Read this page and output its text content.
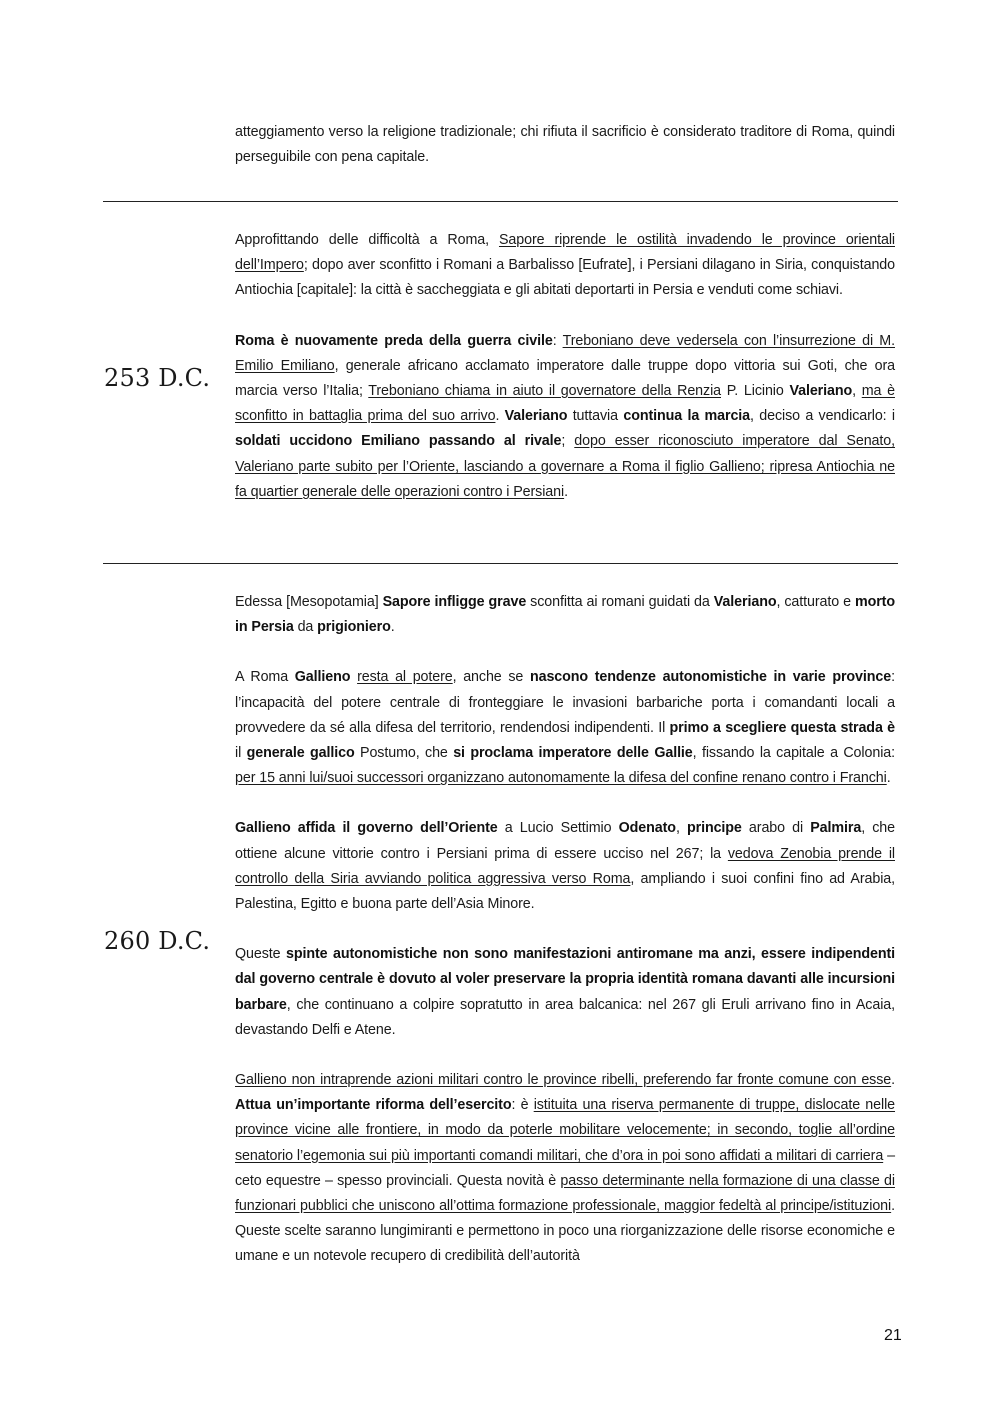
atteggiamento verso la religione tradizionale; chi rifiuta il sacrificio è considerato traditore di Roma, quindi perseguibile con pena capitale.

253 D.C.

Approfittando delle difficoltà a Roma, Sapore riprende le ostilità invadendo le province orientali dell’Impero; dopo aver sconfitto i Romani a Barbalisso [Eufrate], i Persiani dilagano in Siria, conquistando Antiochia [capitale]: la città è saccheggiata e gli abitati deportarti in Persia e venduti come schiavi.

Roma è nuovamente preda della guerra civile: Treboniano deve vedersela con l’insurrezione di M. Emilio Emiliano, generale africano acclamato imperatore dalle truppe dopo vittoria sui Goti, che ora marcia verso l’Italia; Treboniano chiama in aiuto il governatore della Renzia P. Licinio Valeriano, ma è sconfitto in battaglia prima del suo arrivo. Valeriano tuttavia continua la marcia, deciso a vendicarlo: i soldati uccidono Emiliano passando al rivale; dopo esser riconosciuto imperatore dal Senato, Valeriano parte subito per l’Oriente, lasciando a governare a Roma il figlio Gallieno; ripresa Antiochia ne fa quartier generale delle operazioni contro i Persiani.

260 D.C.

Edessa [Mesopotamia] Sapore infligge grave sconfitta ai romani guidati da Valeriano, catturato e morto in Persia da prigioniero.

A Roma Gallieno resta al potere, anche se nascono tendenze autonomistiche in varie province: l’incapacità del potere centrale di fronteggiare le invasioni barbariche porta i comandanti locali a provvedere da sé alla difesa del territorio, rendendosi indipendenti. Il primo a scegliere questa strada è il generale gallico Postumo, che si proclama imperatore delle Gallie, fissando la capitale a Colonia: per 15 anni lui/suoi successori organizzano autonomamente la difesa del confine renano contro i Franchi.

Gallieno affida il governo dell’Oriente a Lucio Settimio Odenato, principe arabo di Palmira, che ottiene alcune vittorie contro i Persiani prima di essere ucciso nel 267; la vedova Zenobia prende il controllo della Siria avviando politica aggressiva verso Roma, ampliando i suoi confini fino ad Arabia, Palestina, Egitto e buona parte dell’Asia Minore.

Queste spinte autonomistiche non sono manifestazioni antiromane ma anzi, essere indipendenti dal governo centrale è dovuto al voler preservare la propria identità romana davanti alle incursioni barbare, che continuano a colpire sopratutto in area balcanica: nel 267 gli Eruli arrivano fino in Acaia, devastando Delfi e Atene.

Gallieno non intraprende azioni militari contro le province ribelli, preferendo far fronte comune con esse. Attua un’importante riforma dell’esercito: è istituita una riserva permanente di truppe, dislocate nelle province vicine alle frontiere, in modo da poterle mobilitare velocemente; in secondo, toglie all’ordine senatorio l’egemonia sui più importanti comandi militari, che d’ora in poi sono affidati a militari di carriera – ceto equestre – spesso provinciali. Questa novità è passo determinante nella formazione di una classe di funzionari pubblici che uniscono all’ottima formazione professionale, maggior fedeltà al principe/istituzioni. Queste scelte saranno lungimiranti e permettono in poco una riorganizzazione delle risorse economiche e umane e un notevole recupero di credibilità dell’autorità

21
